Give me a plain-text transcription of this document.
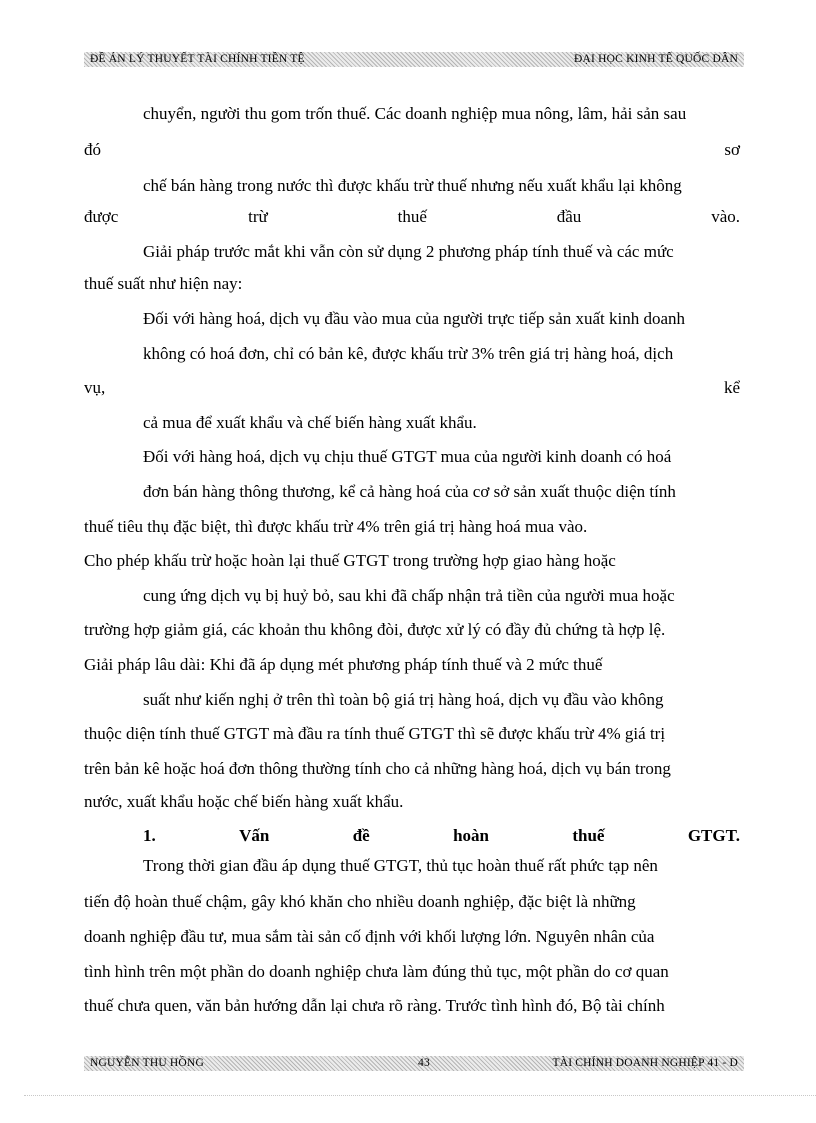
ĐỀ ÁN LÝ THUYẾT TÀI CHÍNH TIỀN TỆ	ĐẠI HỌC KINH TẾ QUỐC DÂN
chuyển, người thu gom trốn thuế. Các doanh nghiệp mua nông, lâm, hải sản sau
đó	sơ
chế bán hàng trong nước thì được khấu trừ thuế nhưng nếu xuất khẩu lại không
được	trừ	thuế	đầu	vào.
Giải pháp trước mắt khi vẫn còn sử dụng 2 phương pháp tính thuế và các mức
thuế suất như hiện nay:
Đối với hàng hoá, dịch vụ đầu vào mua của người trực tiếp sản xuất kinh doanh
không có hoá đơn, chỉ có bản kê, được khấu trừ 3% trên giá trị hàng hoá, dịch
vụ,	kể
cả mua để xuất khẩu và chế biến hàng xuất khẩu.
Đối với hàng hoá, dịch vụ chịu thuế GTGT mua của người kinh doanh có hoá
đơn bán hàng thông thương, kể cả hàng hoá của cơ sở sản xuất thuộc diện tính
thuế tiêu thụ đặc biệt, thì được khấu trừ 4% trên giá trị hàng hoá mua vào.
Cho phép khấu trừ hoặc hoàn lại thuế GTGT trong trường hợp giao hàng hoặc
cung ứng dịch vụ bị huỷ bỏ, sau khi đã chấp nhận trả tiền của người mua hoặc
trường hợp giảm giá, các khoản thu không đòi, được xử lý có đầy đủ chứng tà hợp lệ.
Giải pháp lâu dài: Khi đã áp dụng mét phương pháp tính thuế và 2 mức thuế
suất như kiến nghị ở trên thì toàn bộ giá trị hàng hoá, dịch vụ đầu vào không
thuộc diện tính thuế GTGT mà đầu ra tính thuế GTGT thì sẽ được khấu trừ 4% giá trị
trên bản kê hoặc hoá đơn thông thường tính cho cả những hàng hoá, dịch vụ bán trong
nước, xuất khẩu hoặc chế biến hàng xuất khẩu.
1.	Vấn	đề	hoàn	thuế	GTGT.
Trong thời gian đầu áp dụng thuế GTGT, thủ tục hoàn thuế rất phức tạp nên
tiến độ hoàn thuế chậm, gây khó khăn cho nhiều doanh nghiệp, đặc biệt là những
doanh nghiệp đầu tư, mua sắm tài sản cố định với khối lượng lớn. Nguyên nhân của
tình hình trên một phần do doanh nghiệp chưa làm đúng thủ tục, một phần do cơ quan
thuế chưa quen, văn bản hướng dẫn lại chưa rõ ràng. Trước tình hình đó, Bộ tài chính
NGUYỄN THU HỒNG	43	TÀI CHÍNH DOANH NGHIỆP 41 - D
